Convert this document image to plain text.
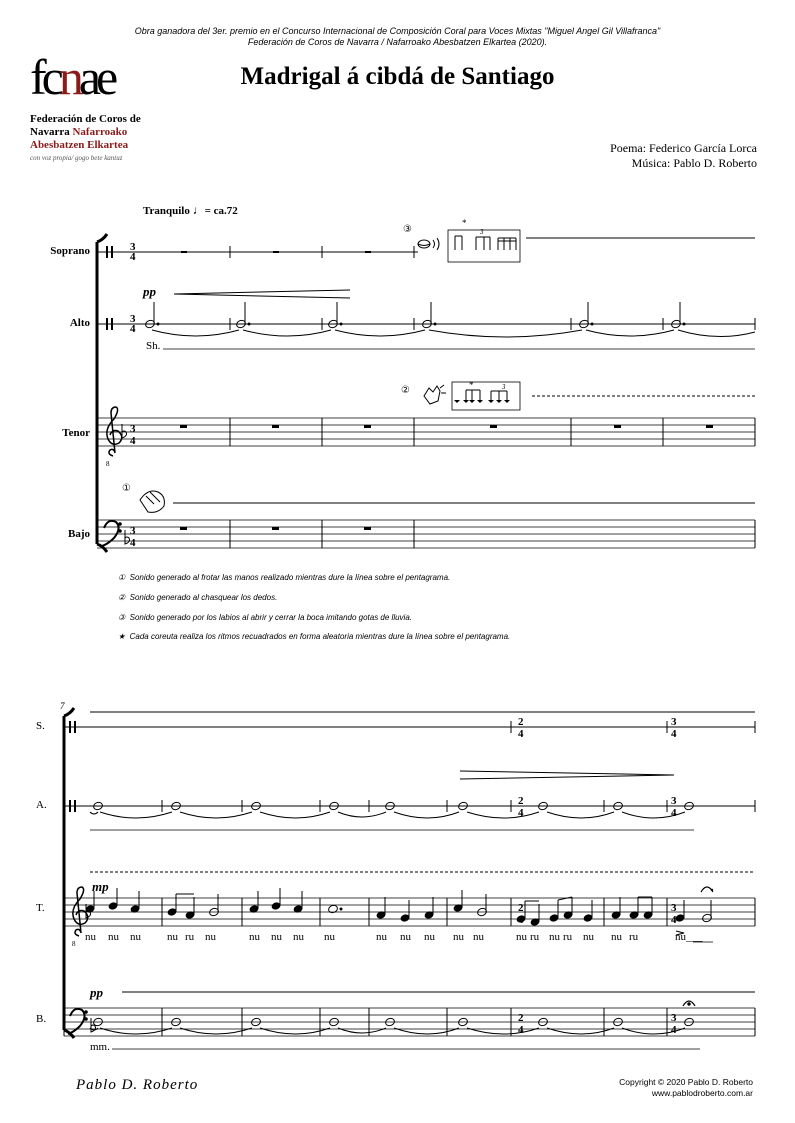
Obra ganadora del 3er. premio en el Concurso Internacional de Composición Coral para Voces Mixtas "Miguel Angel Gil Villafranca"
Federación de Coros de Navarra / Nafarroako Abesbatzen Elkartea (2020).
fcnae
Federación de Coros de
Navarra Nafarroako
Abesbatzen Elkartea
con voz propia/ gogo bete kantuz
Madrigal á cibdá de Santiago
Poema: Federico García Lorca
Música: Pablo D. Roberto
Tranquilo ♩= ca.72
Soprano
Alto
Tenor
Bajo
pp
Sh.
③
②
①
*
*
3
3
① Sonido generado al frotar las manos realizado mientras dure la línea sobre el pentagrama.
② Sonido generado al chasquear los dedos.
③ Sonido generado por los labios al abrir y cerrar la boca imitando gotas de lluvia.
★ Cada coreuta realiza los ritmos recuadrados en forma aleatoria mientras dure la línea sobre el pentagrama.
7
S.
A.
T.
B.
mp
pp
mm.
nu nu nu nu ru nu	nu nu nu nu	nu nu nu nu nu	nu ru nu ru nu nu ru	nu___
Pablo D. Roberto	Copyright © 2020 Pablo D. Roberto
www.pablodroberto.com.ar
3
4
3
4
3
4
3
4
8
2
4
3
4
2
4
3
4
2
4
3
4
2
4
3
4
8
